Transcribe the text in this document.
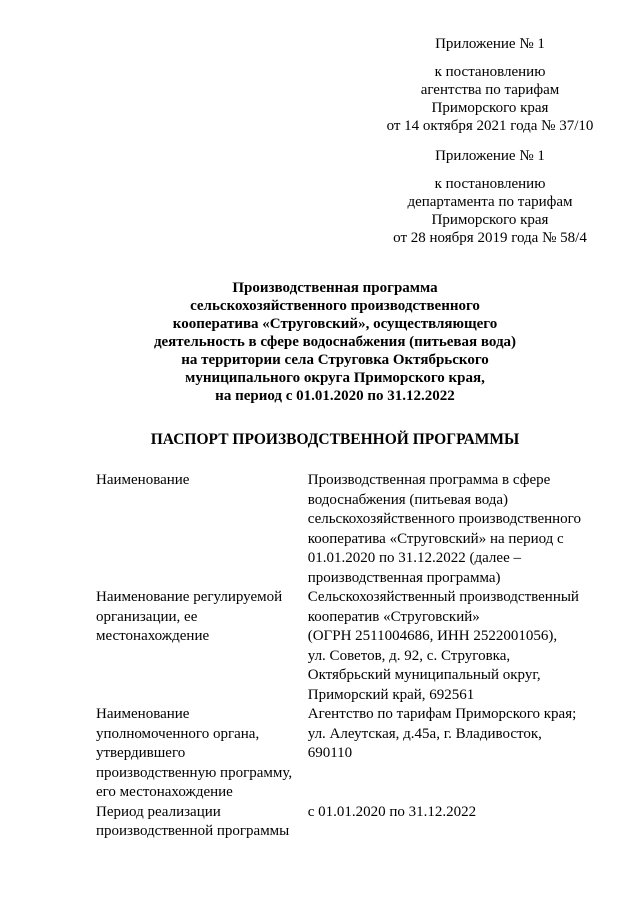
Приложение № 1
к постановлению
агентства по тарифам
Приморского края
от 14 октября 2021 года № 37/10
Приложение № 1
к постановлению
департамента по тарифам
Приморского края
от 28 ноября 2019 года № 58/4
Производственная программа
сельскохозяйственного производственного
кооператива «Струговский», осуществляющего
деятельность в сфере водоснабжения (питьевая вода)
на территории села Струговка Октябрьского
муниципального округа Приморского края,
на период с 01.01.2020 по 31.12.2022
ПАСПОРТ ПРОИЗВОДСТВЕННОЙ ПРОГРАММЫ
Наименование	Производственная программа в сфере
водоснабжения (питьевая вода)
сельскохозяйственного производственного
кооператива «Струговский» на период с
01.01.2020 по 31.12.2022 (далее –
производственная программа)
Наименование регулируемой
организации, ее
местонахождение
Сельскохозяйственный производственный
кооператив «Струговский»
(ОГРН 2511004686, ИНН 2522001056),
ул. Советов, д. 92, с. Струговка,
Октябрьский муниципальный округ,
Приморский край, 692561
Наименование
уполномоченного органа,
утвердившего
производственную программу,
его местонахождение
Агентство по тарифам Приморского края;
ул. Алеутская, д.45а, г. Владивосток,
690110
Период реализации
производственной программы
с 01.01.2020 по 31.12.2022
